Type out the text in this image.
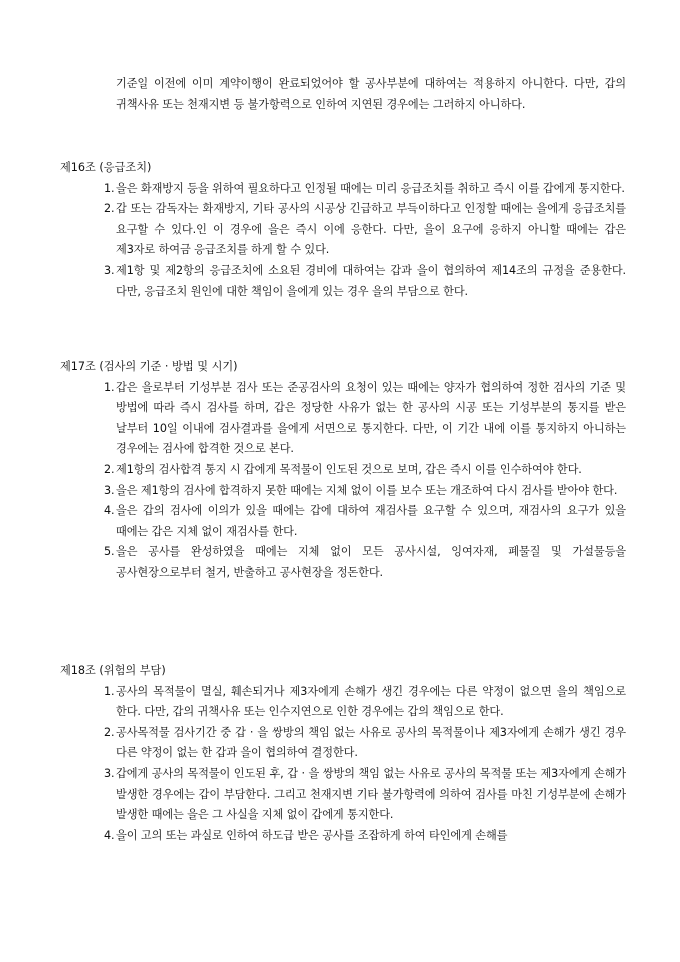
기준일 이전에 이미 계약이행이 완료되었어야 할 공사부분에 대하여는 적용하지 아니한다. 다만, 갑의 귀책사유 또는 천재지변 등 불가항력으로 인하여 지연된 경우에는 그러하지 아니하다.

제16조 (응급조치)
1. 을은 화재방지 등을 위하여 필요하다고 인정될 때에는 미리 응급조치를 취하고 즉시 이를 갑에게 통지한다.
2. 갑 또는 감독자는 화재방지, 기타 공사의 시공상 긴급하고 부득이하다고 인정할 때에는 을에게 응급조치를 요구할 수 있다.인 이 경우에 을은 즉시 이에 응한다. 다만, 을이 요구에 응하지 아니할 때에는 갑은 제3자로 하여금 응급조치를 하게 할 수 있다.
3. 제1항 및 제2항의 응급조치에 소요된 경비에 대하여는 갑과 을이 협의하여 제14조의 규정을 준용한다. 다만, 응급조치 원인에 대한 책임이 을에게 있는 경우 을의 부담으로 한다.
제17조 (검사의 기준 · 방법 및 시기)
1. 갑은 을로부터 기성부분 검사 또는 준공검사의 요청이 있는 때에는 양자가 협의하여 정한 검사의 기준 및 방법에 따라 즉시 검사를 하며, 갑은 정당한 사유가 없는 한 공사의 시공 또는 기성부분의 통지를 받은 날부터 10일 이내에 검사결과를 을에게 서면으로 통지한다. 다만, 이 기간 내에 이를 통지하지 아니하는 경우에는 검사에 합격한 것으로 본다.
2. 제1항의 검사합격 통지 시 갑에게 목적물이 인도된 것으로 보며, 갑은 즉시 이를 인수하여야 한다.
3. 을은 제1항의 검사에 합격하지 못한 때에는 지체 없이 이를 보수 또는 개조하여 다시 검사를 받아야 한다.
4. 을은 갑의 검사에 이의가 있을 때에는 갑에 대하여 재검사를 요구할 수 있으며, 재검사의 요구가 있을 때에는 갑은 지체 없이 재검사를 한다.
5. 을은 공사를 완성하였을 때에는 지체 없이 모든 공사시설, 잉여자재, 폐물질 및 가설물등을 공사현장으로부터 철거, 반출하고 공사현장을 정돈한다.
제18조 (위험의 부담)
1. 공사의 목적물이 멸실, 훼손되거나 제3자에게 손해가 생긴 경우에는 다른 약정이 없으면 을의 책임으로 한다. 다만, 갑의 귀책사유 또는 인수지연으로 인한 경우에는 갑의 책임으로 한다.
2. 공사목적물 검사기간 중 갑 · 을 쌍방의 책임 없는 사유로 공사의 목적물이나 제3자에게 손해가 생긴 경우 다른 약정이 없는 한 갑과 을이 협의하여 결정한다.
3. 갑에게 공사의 목적물이 인도된 후, 갑 · 을 쌍방의 책임 없는 사유로 공사의 목적물 또는 제3자에게 손해가 발생한 경우에는 갑이 부담한다. 그리고 천재지변 기타 불가항력에 의하여 검사를 마친 기성부분에 손해가 발생한 때에는 을은 그 사실을 지체 없이 갑에게 통지한다.
4. 을이 고의 또는 과실로 인하여 하도급 받은 공사를 조잡하게 하여 타인에게 손해를
